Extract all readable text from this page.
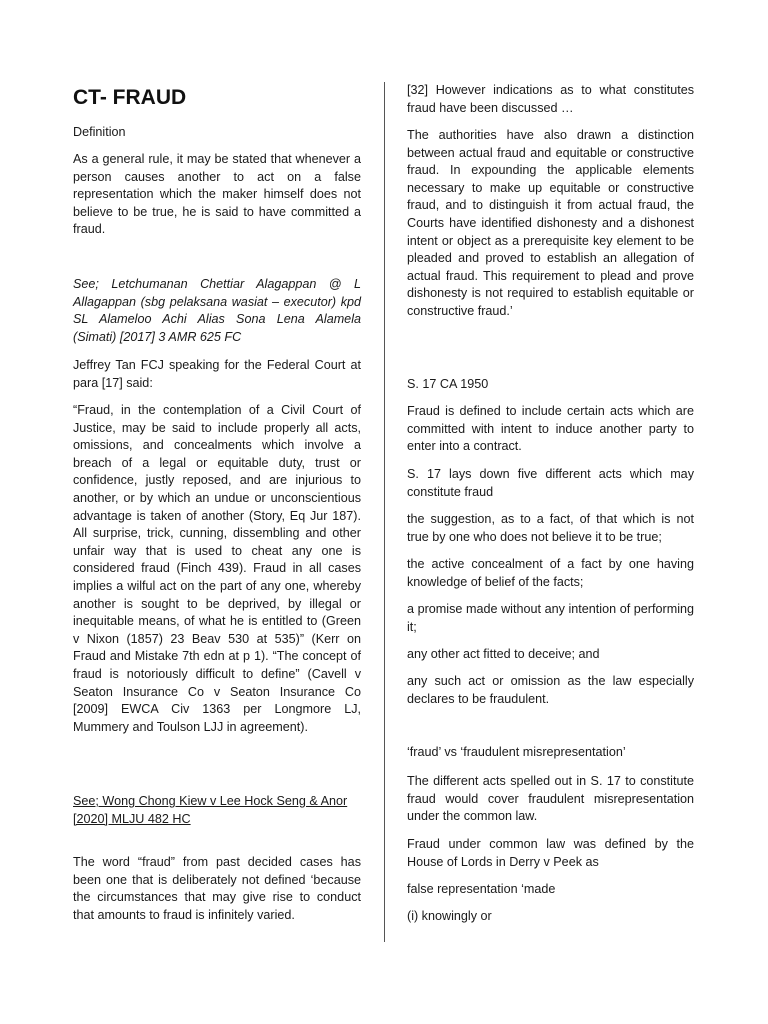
CT- FRAUD

Definition

As a general rule, it may be stated that whenever a person causes another to act on a false representation which the maker himself does not believe to be true, he is said to have committed a fraud.

See; Letchumanan Chettiar Alagappan @ L Allagappan (sbg pelaksana wasiat – executor) kpd SL Alameloo Achi Alias Sona Lena Alamela (Simati) [2017] 3 AMR 625 FC

Jeffrey Tan FCJ speaking for the Federal Court at para [17] said:

“Fraud, in the contemplation of a Civil Court of Justice, may be said to include properly all acts, omissions, and concealments which involve a breach of a legal or equitable duty, trust or confidence, justly reposed, and are injurious to another, or by which an undue or unconscientious advantage is taken of another (Story, Eq Jur 187). All surprise, trick, cunning, dissembling and other unfair way that is used to cheat any one is considered fraud (Finch 439). Fraud in all cases implies a wilful act on the part of any one, whereby another is sought to be deprived, by illegal or inequitable means, of what he is entitled to (Green v Nixon (1857) 23 Beav 530 at 535)” (Kerr on Fraud and Mistake 7th edn at p 1). “The concept of fraud is notoriously difficult to define” (Cavell v Seaton Insurance Co v Seaton Insurance Co [2009] EWCA Civ 1363 per Longmore LJ, Mummery and Toulson LJJ in agreement).

See; Wong Chong Kiew v Lee Hock Seng & Anor [2020] MLJU 482 HC

The word “fraud” from past decided cases has been one that is deliberately not defined ‘because the circumstances that may give rise to conduct that amounts to fraud is infinitely varied.

[32] However indications as to what constitutes fraud have been discussed …

The authorities have also drawn a distinction between actual fraud and equitable or constructive fraud. In expounding the applicable elements necessary to make up equitable or constructive fraud, and to distinguish it from actual fraud, the Courts have identified dishonesty and a dishonest intent or object as a prerequisite key element to be pleaded and proved to establish an allegation of actual fraud. This requirement to plead and prove dishonesty is not required to establish equitable or constructive fraud.’

S. 17 CA 1950

Fraud is defined to include certain acts which are committed with intent to induce another party to enter into a contract.

S. 17 lays down five different acts which may constitute fraud

the suggestion, as to a fact, of that which is not true by one who does not believe it to be true;

the active concealment of a fact by one having knowledge of belief of the facts;

a promise made without any intention of performing it;

any other act fitted to deceive; and

any such act or omission as the law especially declares to be fraudulent.

‘fraud’ vs ‘fraudulent misrepresentation’

The different acts spelled out in S. 17 to constitute fraud would cover fraudulent misrepresentation under the common law.

Fraud under common law was defined by the House of Lords in Derry v Peek as

false representation ‘made

(i) knowingly or
